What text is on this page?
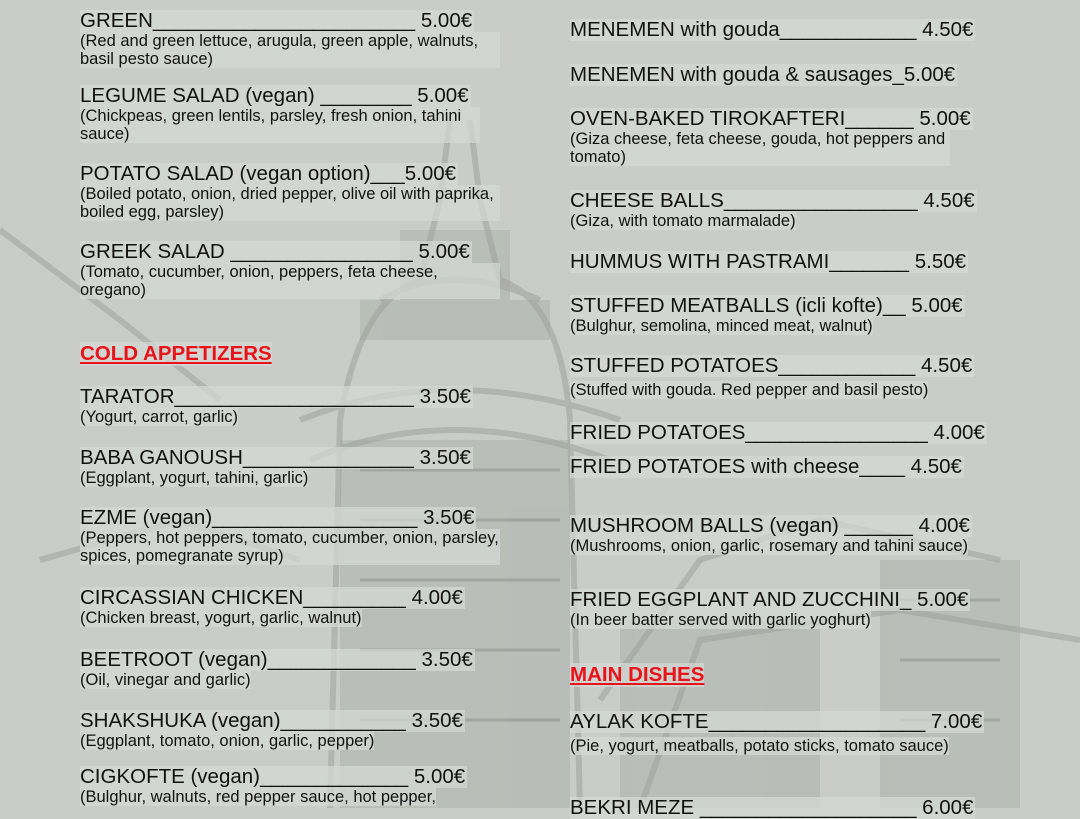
GREEN_______________________ 5.00€
(Red and green lettuce, arugula, green apple, walnuts, basil pesto sauce)
LEGUME SALAD (vegan) ________ 5.00€
(Chickpeas, green lentils, parsley, fresh onion, tahini sauce)
POTATO SALAD (vegan option)___5.00€
(Boiled potato, onion, dried pepper, olive oil with paprika, boiled egg, parsley)
GREEK SALAD ________________ 5.00€
(Tomato, cucumber, onion, peppers, feta cheese, oregano)
COLD APPETIZERS
TARATOR_____________________ 3.50€
(Yogurt, carrot, garlic)
BABA GANOUSH_______________ 3.50€
(Eggplant, yogurt, tahini, garlic)
EZME (vegan)__________________ 3.50€
(Peppers, hot peppers, tomato, cucumber, onion, parsley, spices, pomegranate syrup)
CIRCASSIAN CHICKEN_________ 4.00€
(Chicken breast, yogurt, garlic, walnut)
BEETROOT (vegan)_____________ 3.50€
(Oil, vinegar and garlic)
SHAKSHUKA (vegan)___________ 3.50€
(Eggplant, tomato, onion, garlic, pepper)
CIGKOFTE (vegan)_____________ 5.00€
(Bulghur, walnuts, red pepper sauce, hot pepper,
MENEMEN with gouda____________ 4.50€
MENEMEN with gouda & sausages_5.00€
OVEN-BAKED TIROKAFTERI______ 5.00€
(Giza cheese, feta cheese, gouda, hot peppers and tomato)
CHEESE BALLS_________________ 4.50€
(Giza, with tomato marmalade)
HUMMUS WITH PASTRAMI_______ 5.50€
STUFFED MEATBALLS (icli kofte)__ 5.00€
(Bulghur, semolina, minced meat, walnut)
STUFFED POTATOES____________ 4.50€
(Stuffed with gouda. Red pepper and basil pesto)
FRIED POTATOES________________ 4.00€
FRIED POTATOES with cheese____ 4.50€
MUSHROOM BALLS (vegan) ______ 4.00€
(Mushrooms, onion, garlic, rosemary and tahini sauce)
FRIED EGGPLANT AND ZUCCHINI_ 5.00€
(In beer batter served with garlic yoghurt)
MAIN DISHES
AYLAK KOFTE___________________ 7.00€
(Pie, yogurt, meatballs, potato sticks, tomato sauce)
BEKRI MEZE ___________________ 6.00€
